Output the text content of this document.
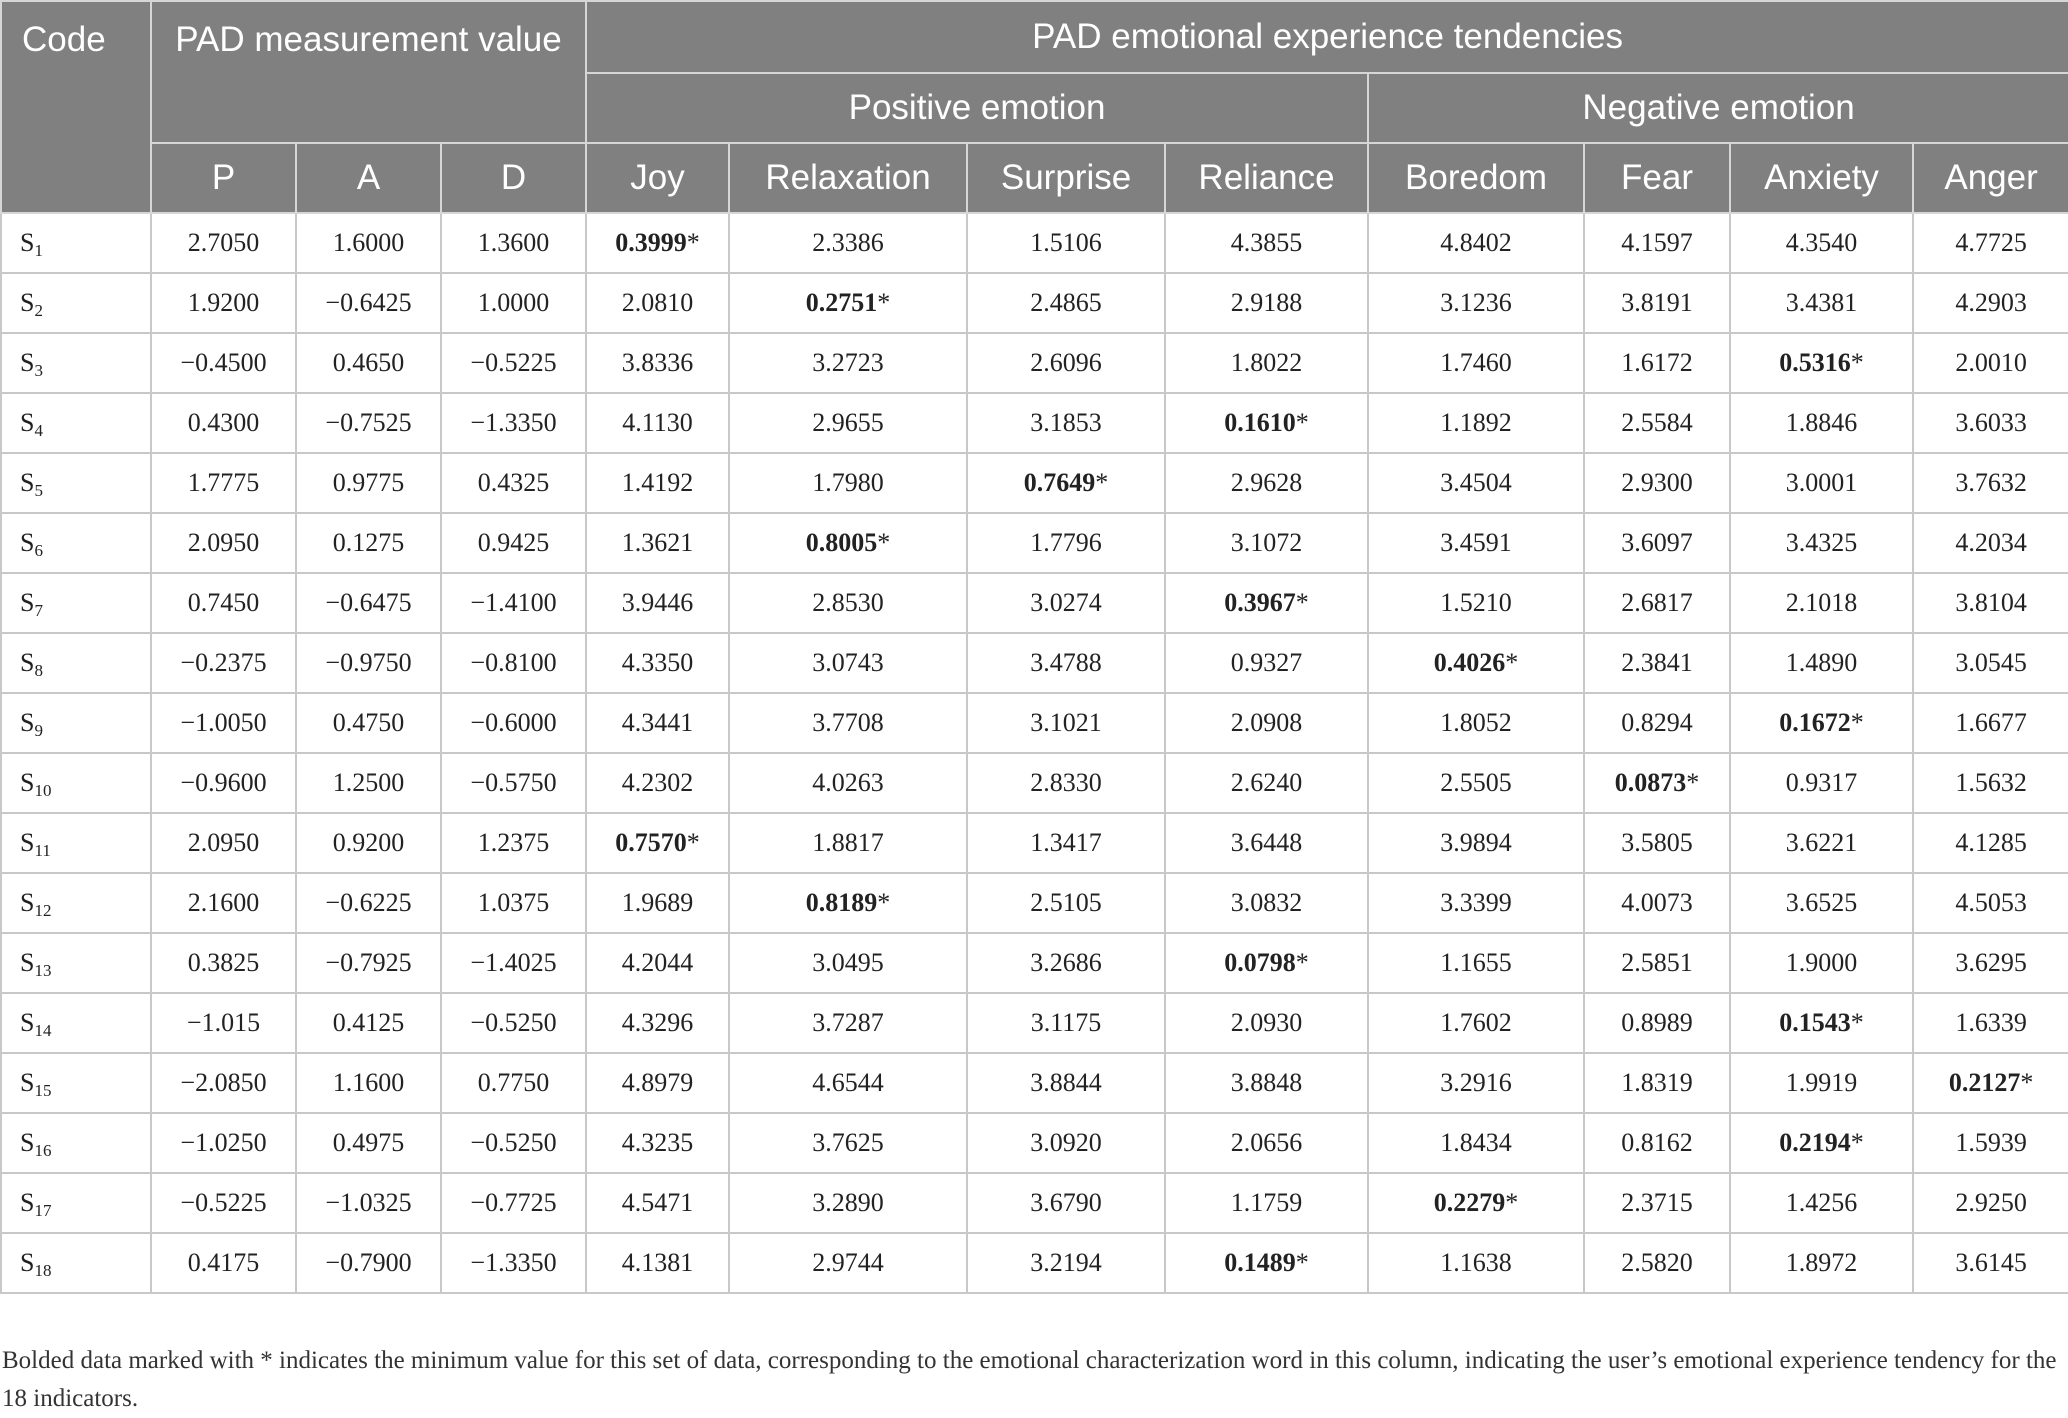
Code	PAD measurement value			PAD emotional experience tendencies							
				Positive emotion				Negative emotion			
	P	A	D	Joy	Relaxation	Surprise	Reliance	Boredom	Fear	Anxiety	Anger
$S_1$	2.7050	1.6000	1.3600	0.3999*	2.3386	1.5106	4.3855	4.8402	4.1597	4.3540	4.7725
$S_2$	1.9200	−0.6425	1.0000	2.0810	0.2751*	2.4865	2.9188	3.1236	3.8191	3.4381	4.2903
$S_3$	−0.4500	0.4650	−0.5225	3.8336	3.2723	2.6096	1.8022	1.7460	1.6172	0.5316*	2.0010
$S_4$	0.4300	−0.7525	−1.3350	4.1130	2.9655	3.1853	0.1610*	1.1892	2.5584	1.8846	3.6033
$S_5$	1.7775	0.9775	0.4325	1.4192	1.7980	0.7649*	2.9628	3.4504	2.9300	3.0001	3.7632
$S_6$	2.0950	0.1275	0.9425	1.3621	0.8005*	1.7796	3.1072	3.4591	3.6097	3.4325	4.2034
$S_7$	0.7450	−0.6475	−1.4100	3.9446	2.8530	3.0274	0.3967*	1.5210	2.6817	2.1018	3.8104
$S_8$	−0.2375	−0.9750	−0.8100	4.3350	3.0743	3.4788	0.9327	0.4026*	2.3841	1.4890	3.0545
$S_9$	−1.0050	0.4750	−0.6000	4.3441	3.7708	3.1021	2.0908	1.8052	0.8294	0.1672*	1.6677
$S_{10}$	−0.9600	1.2500	−0.5750	4.2302	4.0263	2.8330	2.6240	2.5505	0.0873*	0.9317	1.5632
$S_{11}$	2.0950	0.9200	1.2375	0.7570*	1.8817	1.3417	3.6448	3.9894	3.5805	3.6221	4.1285
$S_{12}$	2.1600	−0.6225	1.0375	1.9689	0.8189*	2.5105	3.0832	3.3399	4.0073	3.6525	4.5053
$S_{13}$	0.3825	−0.7925	−1.4025	4.2044	3.0495	3.2686	0.0798*	1.1655	2.5851	1.9000	3.6295
$S_{14}$	−1.015	0.4125	−0.5250	4.3296	3.7287	3.1175	2.0930	1.7602	0.8989	0.1543*	1.6339
$S_{15}$	−2.0850	1.1600	0.7750	4.8979	4.6544	3.8844	3.8848	3.2916	1.8319	1.9919	0.2127*
$S_{16}$	−1.0250	0.4975	−0.5250	4.3235	3.7625	3.0920	2.0656	1.8434	0.8162	0.2194*	1.5939
$S_{17}$	−0.5225	−1.0325	−0.7725	4.5471	3.2890	3.6790	1.1759	0.2279*	2.3715	1.4256	2.9250
$S_{18}$	0.4175	−0.7900	−1.3350	4.1381	2.9744	3.2194	0.1489*	1.1638	2.5820	1.8972	3.6145
Bolded data marked with * indicates the minimum value for this set of data, corresponding to the emotional characterization word in this column, indicating the user’s emotional experience tendency for the 18 indicators.
